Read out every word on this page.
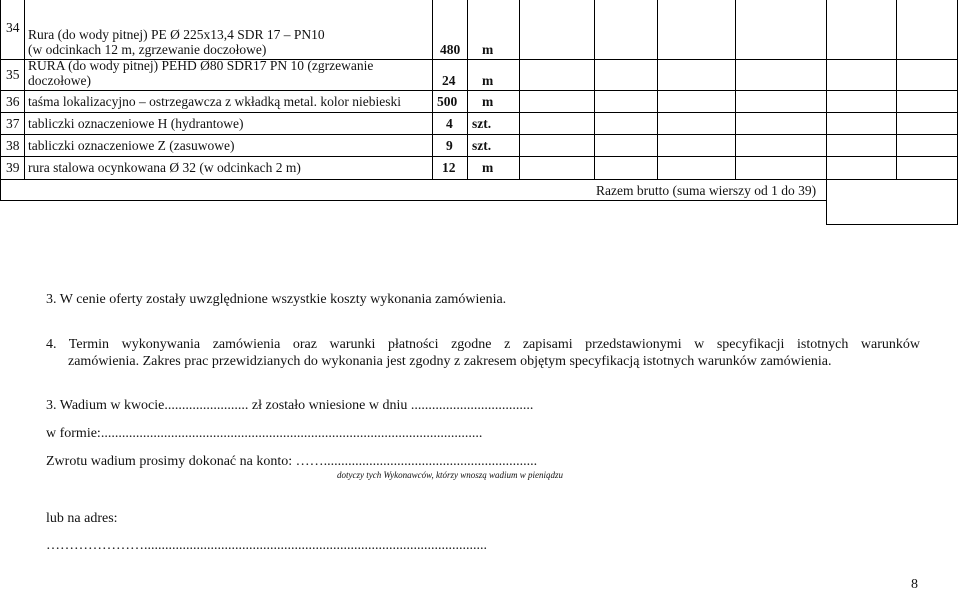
34 Rura (do wody pitnej) PE Ø 225x13,4 SDR 17 – PN10
(w odcinkach 12 m, zgrzewanie doczołowe)	480 m
35
RURA (do wody pitnej) PEHD Ø80 SDR17 PN 10 (zgrzewanie
doczołowe)	24 m
36 taśma lokalizacyjno – ostrzegawcza z wkładką metal. kolor niebieski	500 m
37 tabliczki oznaczeniowe H (hydrantowe)	4 szt.
38 tabliczki oznaczeniowe Z (zasuwowe)	9 szt.
39 rura stalowa ocynkowana Ø 32 (w odcinkach 2 m)	12 m
Razem brutto (suma wierszy od 1 do 39)
3. W cenie oferty zostały uwzględnione wszystkie koszty wykonania zamówienia.
4. Termin wykonywania zamówienia oraz warunki płatności zgodne z zapisami przedstawionymi w specyfikacji istotnych warunków
zamówienia. Zakres prac przewidzianych do wykonania jest zgodny z zakresem objętym specyfikacją istotnych warunków zamówienia.
3. Wadium w kwocie........................ zł zostało wniesione w dniu ...................................
w formie:.............................................................................................................
Zwrotu wadium prosimy dokonać na konto: …….............................................................
dotyczy tych Wykonawców, którzy wnoszą wadium w pieniądzu
lub na adres:
…………………..................................................................................................
8
